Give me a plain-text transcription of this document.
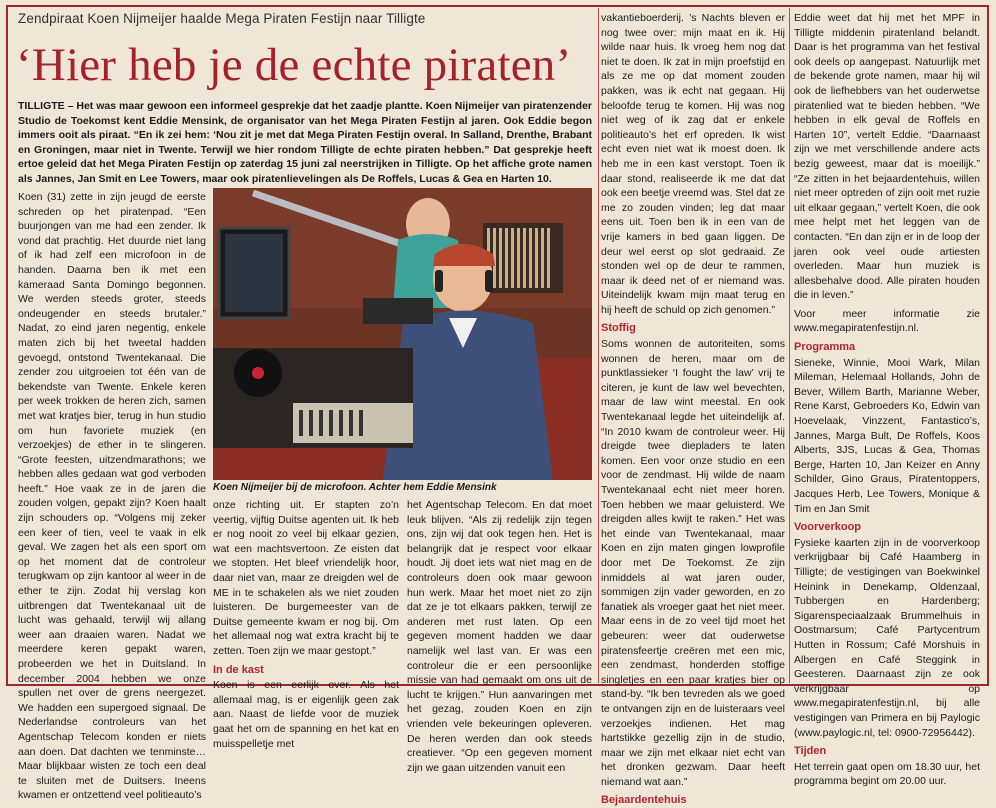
Zendpiraat Koen Nijmeijer haalde Mega Piraten Festijn naar Tilligte
‘Hier heb je de echte piraten’
TILLIGTE – Het was maar gewoon een informeel gesprekje dat het zaadje plantte. Koen Nijmeijer van piratenzender Studio de Toekomst kent Eddie Mensink, de organisator van het Mega Piraten Festijn al jaren. Ook Eddie begon immers ooit als piraat. “En ik zei hem: ‘Nou zit je met dat Mega Piraten Festijn overal. In Salland, Drenthe, Brabant en Groningen, maar niet in Twente. Terwijl we hier rondom Tilligte de echte piraten hebben.” Dat gesprekje heeft ertoe geleid dat het Mega Piraten Festijn op zaterdag 15 juni zal neerstrijken in Tilligte. Op het affiche grote namen als Jannes, Jan Smit en Lee Towers, maar ook piratenlievelingen als De Roffels, Lucas & Gea en Harten 10.

Koen (31) zette in zijn jeugd de eerste schreden op het piratenpad. “Een buurjongen van me had een zender. Ik vond dat prachtig. Het duurde niet lang of ik had zelf een microfoon in de handen. Daarna ben ik met een kameraad Santa Domingo begonnen. We werden steeds groter, steeds ondeugender en steeds brutaler.” Nadat, zo eind jaren negentig, enkele maten zich bij het tweetal hadden gevoegd, ontstond Twentekanaal. Die zender zou uitgroeien tot één van de bekendste van Twente. Enkele keren per week trokken de heren zich, samen met wat kratjes bier, terug in hun studio om hun favoriete muziek (en verzoekjes) de ether in te slingeren. “Grote feesten, uitzendmarathons; we hebben alles gedaan wat god verboden heeft.” Hoe vaak ze in de jaren die zouden volgen, gepakt zijn? Koen haalt zijn schouders op. “Volgens mij zeker een keer of tien, veel te vaak in elk geval. We zagen het als een sport om op het moment dat de controleur terugkwam op zijn kantoor al weer in de ether te zijn. Zodat hij verslag kon uitbrengen dat Twentekanaal uit de lucht was gehaald, terwijl wij allang weer aan draaien waren. Nadat we meerdere keren gepakt waren, probeerden we het in Duitsland. In december 2004 hebben we onze spullen net over de grens neergezet. We hadden een supergoed signaal. De Nederlandse controleurs van het Agentschap Telecom konden er niets aan doen. Dat dachten we tenminste… Maar blijkbaar wisten ze toch een deal te sluiten met de Duitsers. Ineens kwamen er ontzettend veel politieauto’s

Koen Nijmeijer bij de microfoon. Achter hem Eddie Mensink

onze richting uit. Er stapten zo’n veertig, vijftig Duitse agenten uit. Ik heb er nog nooit zo veel bij elkaar gezien, wat een machtsvertoon. Ze eisten dat we stopten. Het bleef vriendelijk hoor, daar niet van, maar ze dreigden wel de ME in te schakelen als we niet zouden luisteren. De burgemeester van de Duitse gemeente kwam er nog bij. Om het allemaal nog wat extra kracht bij te zetten. Toen zijn we maar gestopt.”

In de kast

Koen is een eerlijk over. Als het allemaal mag, is er eigenlijk geen zak aan. Naast de liefde voor de muziek gaat het om de spanning en het kat en muisspelletje met

het Agentschap Telecom. En dat moet leuk blijven. “Als zij redelijk zijn tegen ons, zijn wij dat ook tegen hen. Het is belangrijk dat je respect voor elkaar houdt. Jij doet iets wat niet mag en de controleurs doen ook maar gewoon hun werk. Maar het moet niet zo zijn dat ze je tot elkaars pakken, terwijl ze anderen met rust laten. Op een gegeven moment hadden we daar namelijk wel last van. Er was een controleur die er een persoonlijke missie van had gemaakt om ons uit de lucht te krijgen.” Hun aanvaringen met het gezag, zouden Koen en zijn vrienden vele bekeuringen opleveren. De heren werden dan ook steeds creatiever. “Op een gegeven moment zijn we gaan uitzenden vanuit een

vakantieboerderij. ’s Nachts bleven er nog twee over: mijn maat en ik. Hij wilde naar huis. Ik vroeg hem nog dat niet te doen. Ik zat in mijn proefstijd en als ze me op dat moment zouden pakken, was ik echt nat gegaan. Hij beloofde terug te komen. Hij was nog niet weg of ik zag dat er enkele politieauto’s het erf opreden. Ik wist echt even niet wat ik moest doen. Ik heb me in een kast verstopt. Toen ik daar stond, realiseerde ik me dat dat ook een beetje vreemd was. Stel dat ze me zo zouden vinden; leg dat maar eens uit. Toen ben ik in een van de vrije kamers in bed gaan liggen. De deur wel eerst op slot gedraaid. Ze stonden wel op de deur te rammen, maar ik deed net of er niemand was. Uiteindelijk kwam mijn maat terug en hij heeft de schuld op zich genomen.”

Stoffig

Soms wonnen de autoriteiten, soms wonnen de heren, maar om de punktlassieker ‘I fought the law’ vrij te citeren, je kunt de law wel bevechten, maar de law wint meestal. En ook Twentekanaal legde het uiteindelijk af. “In 2010 kwam de controleur weer. Hij dreigde twee diepladers te laten komen. Een voor onze studio en een voor de zendmast. Hij wilde de naam Twentekanaal echt niet meer horen. Toen hebben we maar geluisterd. We dreigden alles kwijt te raken.” Het was het einde van Twentekanaal, maar Koen en zijn maten gingen lowprofile door met De Toekomst. Ze zijn inmiddels al wat jaren ouder, sommigen zijn vader geworden, en zo fanatiek als vroeger gaat het niet meer. Maar eens in de zo veel tijd moet het gebeuren: weer dat ouderwetse piratensfeertje creëren met een mic, een zendmast, honderden stoffige singletjes en een paar kratjes bier op stand-by. “Ik ben tevreden als we goed te ontvangen zijn en de luisteraars veel verzoekjes indienen. Het mag hartstikke gezellig zijn in de studio, maar we zijn met elkaar niet echt van het dronken gezwam. Daar heeft niemand wat aan.”

Bejaardentehuis

Eddie weet dat hij met het MPF in Tilligte middenin piratenland belandt. Daar is het programma van het festival ook deels op aangepast. Natuurlijk met de bekende grote namen, maar hij wil ook de liefhebbers van het ouderwetse piratenlied wat te bieden hebben. “We hebben in elk geval de Roffels en Harten 10”, vertelt Eddie. “Daarnaast zijn we met verschillende andere acts bezig geweest, maar dat is moeilijk.” “Ze zitten in het bejaardentehuis, willen niet meer optreden of zijn ooit met ruzie uit elkaar gegaan,” vertelt Koen, die ook mee helpt met het leggen van de contacten. “En dan zijn er in de loop der jaren ook veel oude artiesten overleden. Maar hun muziek is allesbehalve dood. Alle piraten houden die in leven.”

Voor meer informatie zie www.megapiratenfestijn.nl.

Programma

Sieneke, Winnie, Mooi Wark, Milan Mileman, Helemaal Hollands, John de Bever, Willem Barth, Marianne Weber, Rene Karst, Gebroeders Ko, Edwin van Hoevelaak, Vinzzent, Fantastico’s, Jannes, Marga Bult, De Roffels, Koos Alberts, 3JS, Lucas & Gea, Thomas Berge, Harten 10, Jan Keizer en Anny Schilder, Gino Graus, Piratentoppers, Jacques Herb, Lee Towers, Monique & Tim en Jan Smit

Voorverkoop

Fysieke kaarten zijn in de voorverkoop verkrijgbaar bij Café Haamberg in Tilligte; de vestigingen van Boekwinkel Heinink in Denekamp, Oldenzaal, Tubbergen en Hardenberg; Sigarenspeciaalzaak Brummelhuis in Oostmarsum; Café Partycentrum Hutten in Rossum; Café Morshuis in Albergen en Café Steggink in Geesteren. Daarnaast zijn ze ook verkrijgbaar op www.megapiratenfestijn.nl, bij alle vestigingen van Primera en bij Paylogic (www.paylogic.nl, tel: 0900-72956442).

Tijden

Het terrein gaat open om 18.30 uur, het programma begint om 20.00 uur.
